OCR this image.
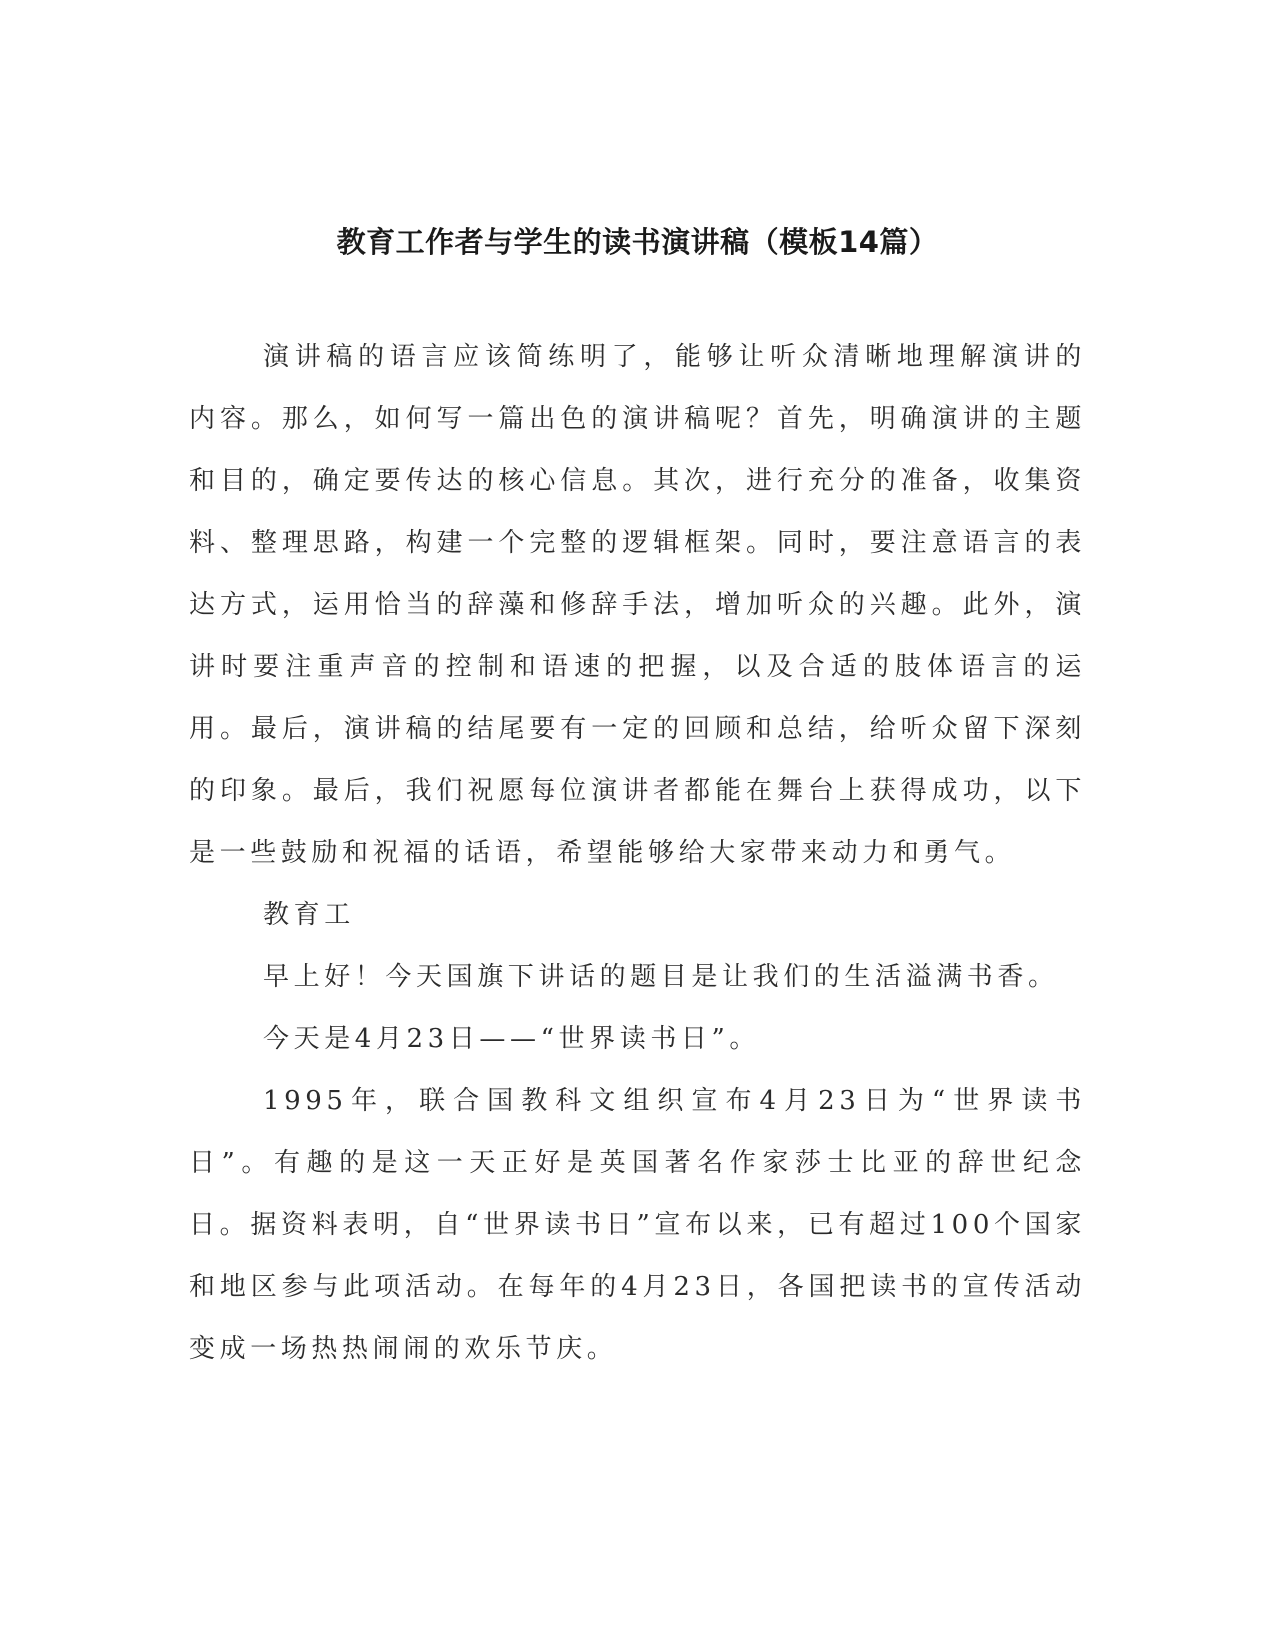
教育工作者与学生的读书演讲稿（模板14篇）

演讲稿的语言应该简练明了，能够让听众清晰地理解演讲的内容。那么，如何写一篇出色的演讲稿呢？首先，明确演讲的主题和目的，确定要传达的核心信息。其次，进行充分的准备，收集资料、整理思路，构建一个完整的逻辑框架。同时，要注意语言的表达方式，运用恰当的辞藻和修辞手法，增加听众的兴趣。此外，演讲时要注重声音的控制和语速的把握，以及合适的肢体语言的运用。最后，演讲稿的结尾要有一定的回顾和总结，给听众留下深刻的印象。最后，我们祝愿每位演讲者都能在舞台上获得成功，以下是一些鼓励和祝福的话语，希望能够给大家带来动力和勇气。

教育工

早上好！今天国旗下讲话的题目是让我们的生活溢满书香。

今天是4月23日——“世界读书日”。

1995年，联合国教科文组织宣布4月23日为“世界读书日”。有趣的是这一天正好是英国著名作家莎士比亚的辞世纪念日。据资料表明，自“世界读书日”宣布以来，已有超过100个国家和地区参与此项活动。在每年的4月23日，各国把读书的宣传活动变成一场热热闹闹的欢乐节庆。
